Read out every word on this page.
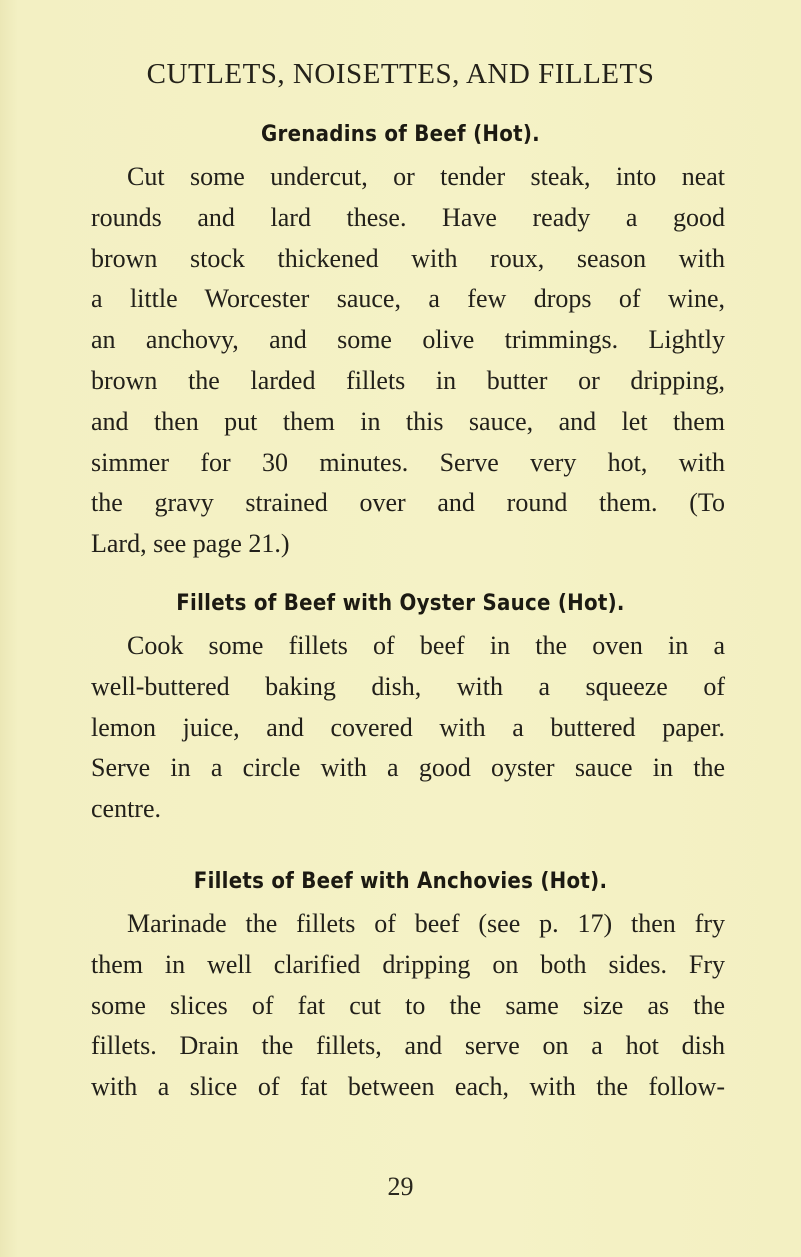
CUTLETS, NOISETTES, AND FILLETS
Grenadins of Beef (Hot).
Cut some undercut, or tender steak, into neat
rounds and lard these. Have ready a good
brown stock thickened with roux, season with
a little Worcester sauce, a few drops of wine,
an anchovy, and some olive trimmings. Lightly
brown the larded fillets in butter or dripping,
and then put them in this sauce, and let them
simmer for 30 minutes. Serve very hot, with
the gravy strained over and round them. (To
Lard, see page 21.)
Fillets of Beef with Oyster Sauce (Hot).
Cook some fillets of beef in the oven in a
well-buttered baking dish, with a squeeze of
lemon juice, and covered with a buttered paper.
Serve in a circle with a good oyster sauce in the
centre.
Fillets of Beef with Anchovies (Hot).
Marinade the fillets of beef (see p. 17) then fry
them in well clarified dripping on both sides. Fry
some slices of fat cut to the same size as the
fillets. Drain the fillets, and serve on a hot dish
with a slice of fat between each, with the follow-
29
